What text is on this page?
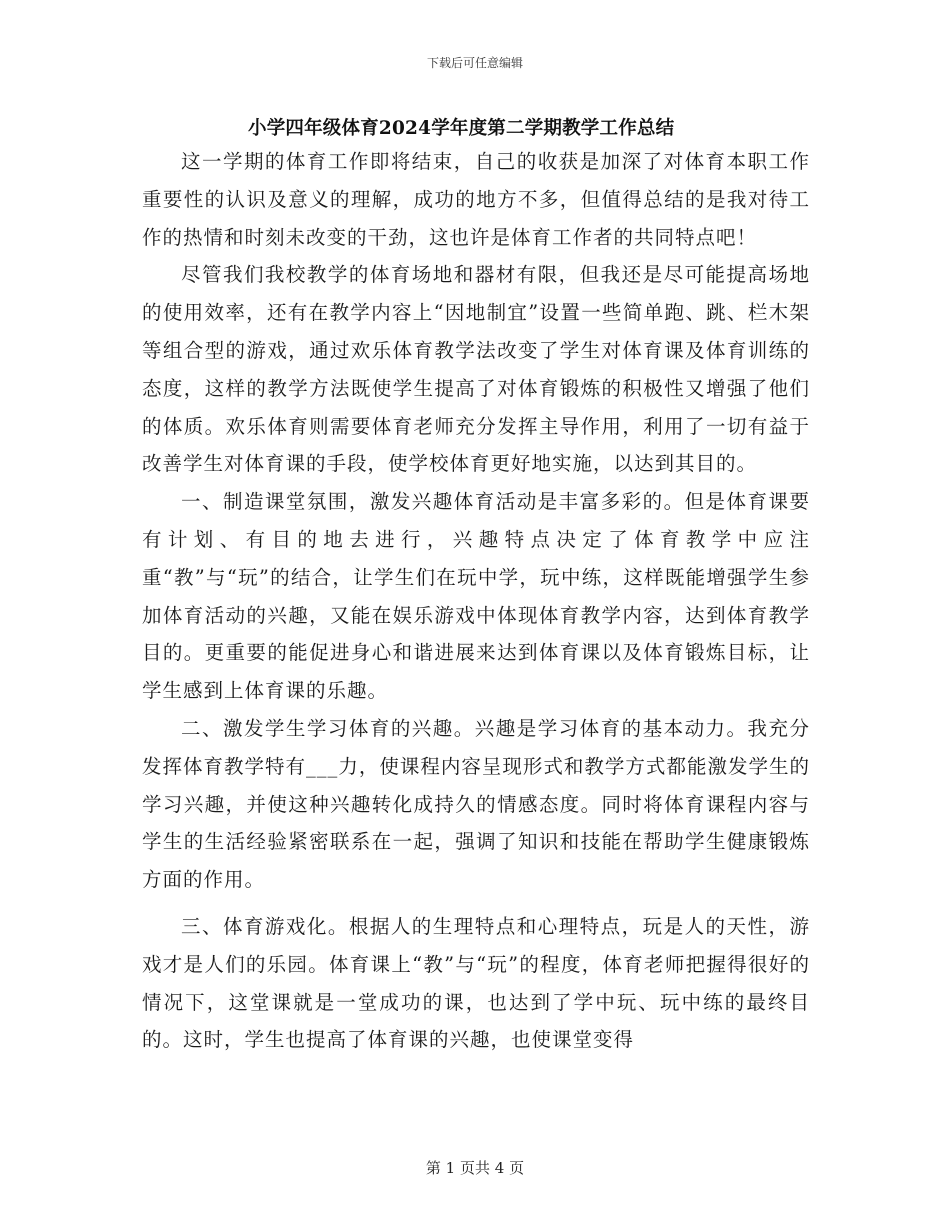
下载后可任意编辑
小学四年级体育2024学年度第二学期教学工作总结

这一学期的体育工作即将结束，自己的收获是加深了对体育本职工作重要性的认识及意义的理解，成功的地方不多，但值得总结的是我对待工作的热情和时刻未改变的干劲，这也许是体育工作者的共同特点吧！

尽管我们我校教学的体育场地和器材有限，但我还是尽可能提高场地的使用效率，还有在教学内容上“因地制宜”设置一些简单跑、跳、栏木架等组合型的游戏，通过欢乐体育教学法改变了学生对体育课及体育训练的态度，这样的教学方法既使学生提高了对体育锻炼的积极性又增强了他们的体质。欢乐体育则需要体育老师充分发挥主导作用，利用了一切有益于改善学生对体育课的手段，使学校体育更好地实施，以达到其目的。

一、制造课堂氛围，激发兴趣体育活动是丰富多彩的。但是体育课要有计划、有目的地去进行，兴趣特点决定了体育教学中应注重“教”与“玩”的结合，让学生们在玩中学，玩中练，这样既能增强学生参加体育活动的兴趣，又能在娱乐游戏中体现体育教学内容，达到体育教学目的。更重要的能促进身心和谐进展来达到体育课以及体育锻炼目标，让学生感到上体育课的乐趣。

二、激发学生学习体育的兴趣。兴趣是学习体育的基本动力。我充分发挥体育教学特有___力，使课程内容呈现形式和教学方式都能激发学生的学习兴趣，并使这种兴趣转化成持久的情感态度。同时将体育课程内容与学生的生活经验紧密联系在一起，强调了知识和技能在帮助学生健康锻炼方面的作用。

三、体育游戏化。根据人的生理特点和心理特点，玩是人的天性，游戏才是人们的乐园。体育课上“教”与“玩”的程度，体育老师把握得很好的情况下，这堂课就是一堂成功的课，也达到了学中玩、玩中练的最终目的。这时，学生也提高了体育课的兴趣，也使课堂变得

第 1 页共 4 页
